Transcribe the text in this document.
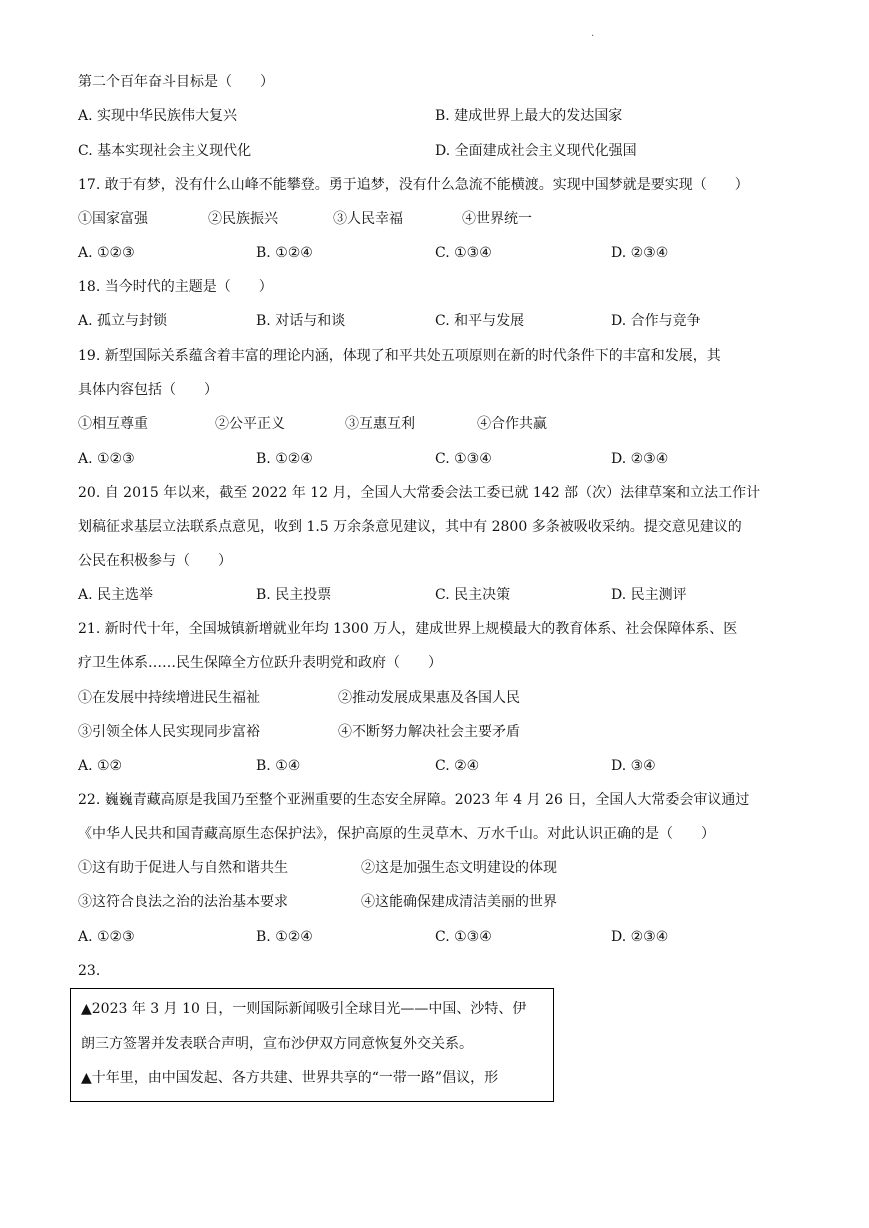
.
第二个百年奋斗目标是（　　）
A. 实现中华民族伟大复兴	B. 建成世界上最大的发达国家
C. 基本实现社会主义现代化	D. 全面建成社会主义现代化强国
17. 敢于有梦，没有什么山峰不能攀登。勇于追梦，没有什么急流不能横渡。实现中国梦就是要实现（　　）
①国家富强	②民族振兴	③人民幸福	④世界统一
A. ①②③	B. ①②④	C. ①③④	D. ②③④
18. 当今时代的主题是（　　）
A. 孤立与封锁	B. 对话与和谈	C. 和平与发展	D. 合作与竞争
19. 新型国际关系蕴含着丰富的理论内涵，体现了和平共处五项原则在新的时代条件下的丰富和发展，其
具体内容包括（　　）
①相互尊重	②公平正义	③互惠互利	④合作共赢
A. ①②③	B. ①②④	C. ①③④	D. ②③④
20. 自 2015 年以来，截至 2022 年 12 月，全国人大常委会法工委已就 142 部（次）法律草案和立法工作计
划稿征求基层立法联系点意见，收到 1.5 万余条意见建议，其中有 2800 多条被吸收采纳。提交意见建议的
公民在积极参与（　　）
A. 民主选举	B. 民主投票	C. 民主决策	D. 民主测评
21. 新时代十年，全国城镇新增就业年均 1300 万人，建成世界上规模最大的教育体系、社会保障体系、医
疗卫生体系……民生保障全方位跃升表明党和政府（　　）
①在发展中持续增进民生福祉	②推动发展成果惠及各国人民
③引领全体人民实现同步富裕	④不断努力解决社会主要矛盾
A. ①②	B. ①④	C. ②④	D. ③④
22. 巍巍青藏高原是我国乃至整个亚洲重要的生态安全屏障。2023 年 4 月 26 日，全国人大常委会审议通过
《中华人民共和国青藏高原生态保护法》，保护高原的生灵草木、万水千山。对此认识正确的是（　　）
①这有助于促进人与自然和谐共生	②这是加强生态文明建设的体现
③这符合良法之治的法治基本要求	④这能确保建成清洁美丽的世界
A. ①②③	B. ①②④	C. ①③④	D. ②③④
23.
▲2023 年 3 月 10 日，一则国际新闻吸引全球目光——中国、沙特、伊
朗三方签署并发表联合声明，宣布沙伊双方同意恢复外交关系。
▲十年里，由中国发起、各方共建、世界共享的“一带一路”倡议，形
